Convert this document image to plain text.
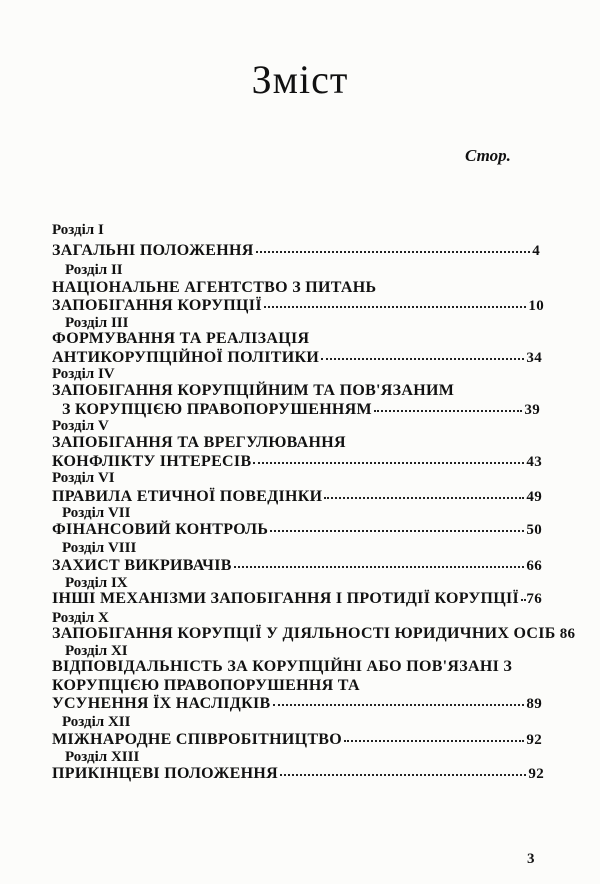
Зміст
Стор.
Розділ І
ЗАГАЛЬНІ ПОЛОЖЕННЯ	4
Розділ II
НАЦІОНАЛЬНЕ АГЕНТСТВО З ПИТАНЬ
ЗАПОБІГАННЯ КОРУПЦІЇ	10
Розділ III
ФОРМУВАННЯ ТА РЕАЛІЗАЦІЯ
АНТИКОРУПЦІЙНОЇ ПОЛІТИКИ	34
Розділ IV
ЗАПОБІГАННЯ КОРУПЦІЙНИМ ТА ПОВ'ЯЗАНИМ
З КОРУПЦІЄЮ ПРАВОПОРУШЕННЯМ	39
Розділ V
ЗАПОБІГАННЯ ТА ВРЕГУЛЮВАННЯ
КОНФЛІКТУ ІНТЕРЕСІВ	43
Розділ VI
ПРАВИЛА ЕТИЧНОЇ ПОВЕДІНКИ	49
Розділ VII
ФІНАНСОВИЙ КОНТРОЛЬ	50
Розділ VIII
ЗАХИСТ ВИКРИВАЧІВ	66
Розділ IX
ІНШІ МЕХАНІЗМИ ЗАПОБІГАННЯ І ПРОТИДІЇ КОРУПЦІЇ 76
Розділ X
ЗАПОБІГАННЯ КОРУПЦІЇ У ДІЯЛЬНОСТІ ЮРИДИЧНИХ ОСІБ 86
Розділ XI
ВІДПОВІДАЛЬНІСТЬ ЗА КОРУПЦІЙНІ АБО ПОВ'ЯЗАНІ З
КОРУПЦІЄЮ ПРАВОПОРУШЕННЯ ТА
УСУНЕННЯ ЇХ НАСЛІДКІВ	89
Розділ XII
МІЖНАРОДНЕ СПІВРОБІТНИЦТВО	92
Розділ XIII
ПРИКІНЦЕВІ ПОЛОЖЕННЯ	92
3
